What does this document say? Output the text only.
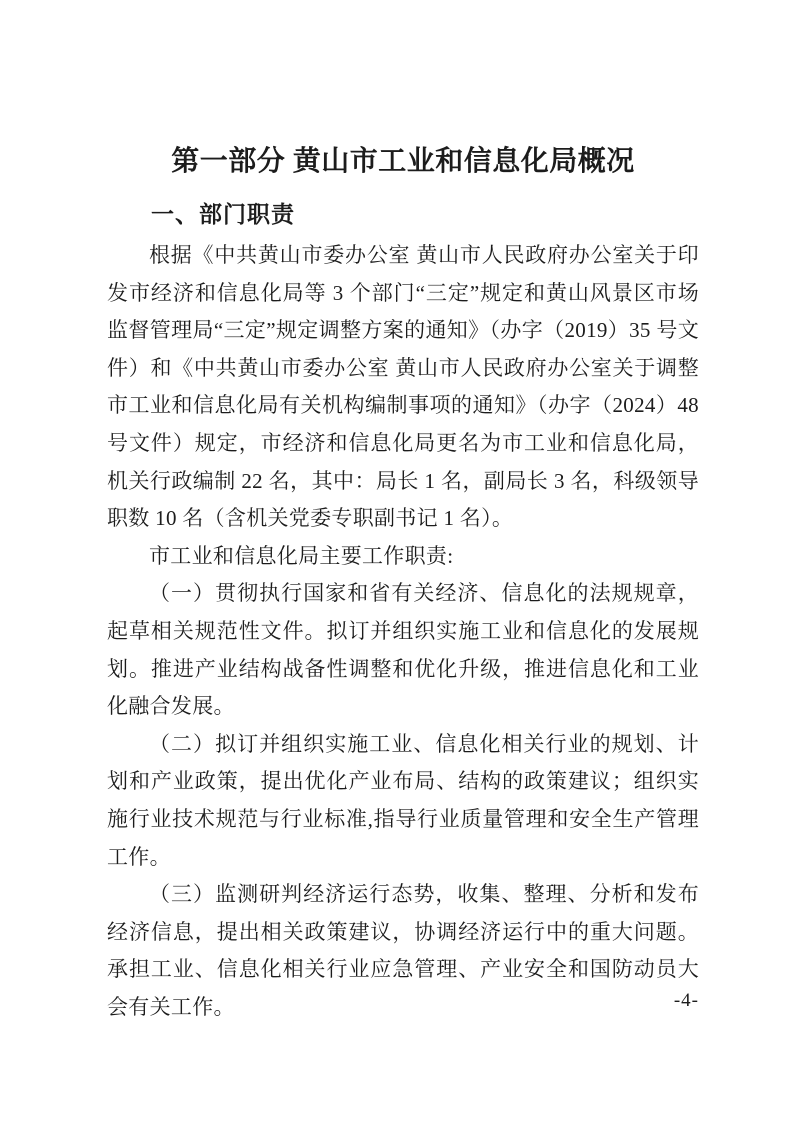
第一部分 黄山市工业和信息化局概况
一、部门职责

根据《中共黄山市委办公室 黄山市人民政府办公室关于印发市经济和信息化局等 3 个部门“三定”规定和黄山风景区市场监督管理局“三定”规定调整方案的通知》（办字（2019）35 号文件）和《中共黄山市委办公室 黄山市人民政府办公室关于调整市工业和信息化局有关机构编制事项的通知》（办字（2024）48 号文件）规定，市经济和信息化局更名为市工业和信息化局，机关行政编制 22 名，其中：局长 1 名，副局长 3 名，科级领导职数 10 名（含机关党委专职副书记 1 名）。

市工业和信息化局主要工作职责:

（一）贯彻执行国家和省有关经济、信息化的法规规章，起草相关规范性文件。拟订并组织实施工业和信息化的发展规划。推进产业结构战备性调整和优化升级，推进信息化和工业化融合发展。

（二）拟订并组织实施工业、信息化相关行业的规划、计划和产业政策，提出优化产业布局、结构的政策建议；组织实施行业技术规范与行业标准,指导行业质量管理和安全生产管理工作。

（三）监测研判经济运行态势，收集、整理、分析和发布经济信息，提出相关政策建议，协调经济运行中的重大问题。承担工业、信息化相关行业应急管理、产业安全和国防动员大会有关工作。	-4-
